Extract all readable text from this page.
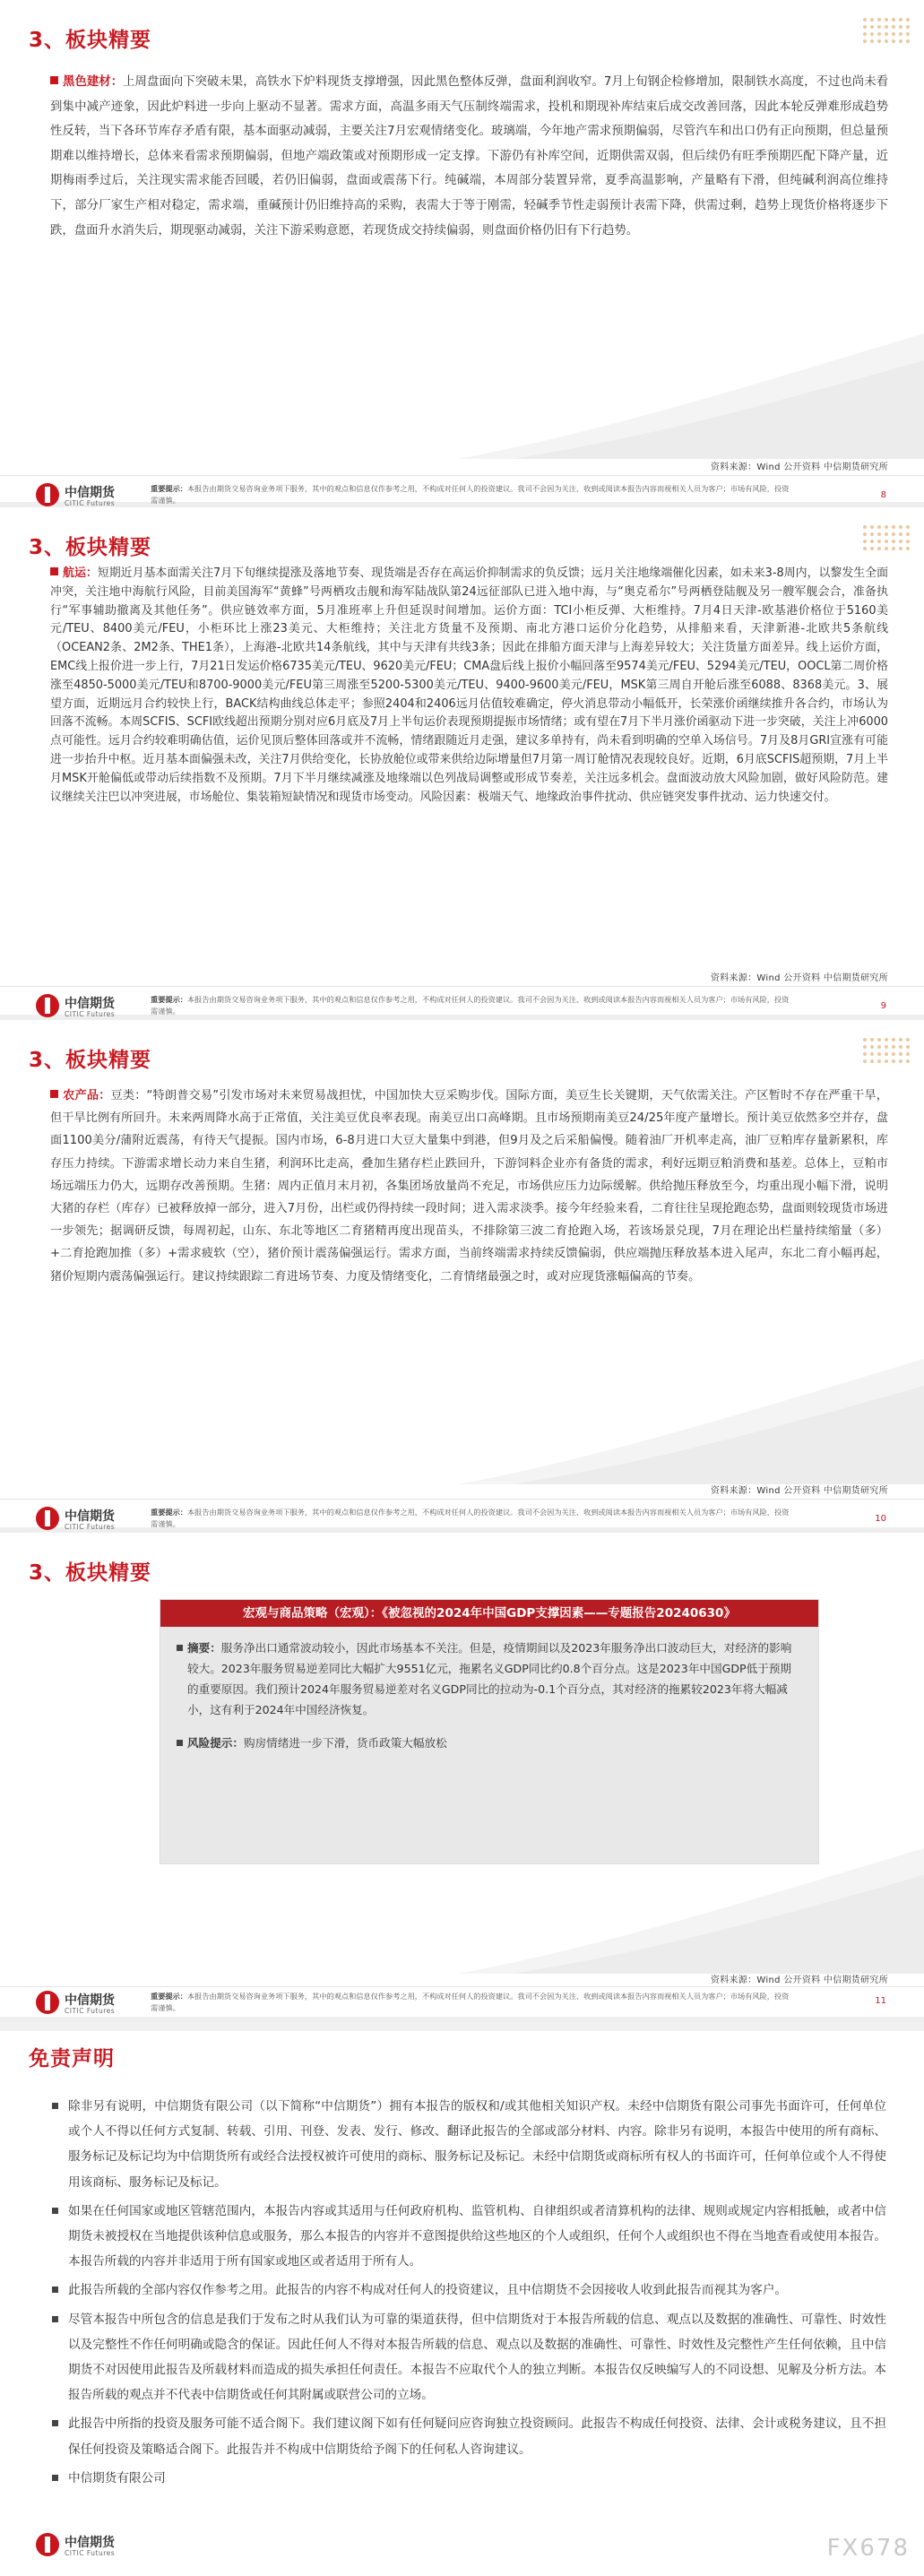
3、板块精要
黑色建材：上周盘面向下突破未果，高铁水下炉料现货支撑增强，因此黑色整体反弹，盘面利润收窄。7月上旬钢企检修增加，限制铁水高度，不过也尚未看到集中减产迹象，因此炉料进一步向上驱动不显著。需求方面，高温多雨天气压制终端需求，投机和期现补库结束后成交改善回落，因此本轮反弹难形成趋势性反转，当下各环节库存矛盾有限，基本面驱动减弱，主要关注7月宏观情绪变化。玻璃端，今年地产需求预期偏弱，尽管汽车和出口仍有正向预期，但总量预期难以维持增长，总体来看需求预期偏弱，但地产端政策或对预期形成一定支撑。下游仍有补库空间，近期供需双弱，但后续仍有旺季预期匹配下降产量，近期梅雨季过后，关注现实需求能否回暖，若仍旧偏弱，盘面或震荡下行。纯碱端，本周部分装置异常，夏季高温影响，产量略有下滑，但纯碱利润高位维持下，部分厂家生产相对稳定，需求端，重碱预计仍旧维持高的采购，表需大于等于刚需，轻碱季节性走弱预计表需下降，供需过剩，趋势上现货价格将逐步下跌，盘面升水消失后，期现驱动减弱，关注下游采购意愿，若现货成交持续偏弱，则盘面价格仍旧有下行趋势。
资料来源：Wind 公开资料 中信期货研究所
中信期货
CITIC Futures
重要提示：本报告由期货交易咨询业务项下服务，其中的观点和信息仅作参考之用，不构成对任何人的投资建议。我司不会因为关注、收到或阅读本报告内容而视相关人员为客户；市场有风险，投资需谨慎。	8
3、板块精要
航运：短期近月基本面需关注7月下旬继续提涨及落地节奏、现货端是否存在高运价抑制需求的负反馈；远月关注地缘端催化因素，如未来3-8周内，以黎发生全面冲突，关注地中海航行风险，目前美国海军“黄蜂”号两栖攻击舰和海军陆战队第24远征部队已进入地中海，与“奥克希尔”号两栖登陆舰及另一艘军舰会合，准备执行“军事辅助撤离及其他任务”。供应链效率方面，5月准班率上升但延误时间增加。运价方面：TCI小柜反弹、大柜维持。7月4日天津-欧基港价格位于5160美元/TEU、8400美元/FEU，小柜环比上涨23美元、大柜维持；关注北方货量不及预期、南北方港口运价分化趋势，从排船来看，天津新港-北欧共5条航线（OCEAN2条、2M2条、THE1条），上海港-北欧共14条航线，其中与天津有共线3条；因此在排船方面天津与上海差异较大；关注货量方面差异。线上运价方面，EMC线上报价进一步上行，7月21日发运价格6735美元/TEU、9620美元/FEU；CMA盘后线上报价小幅回落至9574美元/FEU、5294美元/TEU，OOCL第二周价格涨至4850-5000美元/TEU和8700-9000美元/FEU第三周涨至5200-5300美元/TEU、9400-9600美元/FEU，MSK第三周自开舱后涨至6088、8368美元。3、展望方面，近期远月合约较快上行，BACK结构曲线总体走平；参照2404和2406远月估值较难确定，停火消息带动小幅低开，长荣涨价函继续推升各合约，市场认为回落不流畅。本周SCFIS、SCFI欧线超出预期分别对应6月底及7月上半旬运价表现预期提振市场情绪；或有望在7月下半月涨价函驱动下进一步突破，关注上冲6000点可能性。远月合约较难明确估值，运价见顶后整体回落或并不流畅，情绪跟随近月走强，建议多单持有，尚未看到明确的空单入场信号。7月及8月GRI宣涨有可能进一步抬升中枢。近月基本面偏强未改，关注7月供给变化，长协放舱位或带来供给边际增量但7月第一周订舱情况表现较良好。近期，6月底SCFIS超预期，7月上半月MSK开舱偏低或带动后续指数不及预期。7月下半月继续减涨及地缘端以色列战局调整或形成节奏差，关注远多机会。盘面波动放大风险加剧，做好风险防范。建议继续关注巴以冲突进展，市场舱位、集装箱短缺情况和现货市场变动。风险因素：极端天气、地缘政治事件扰动、供应链突发事件扰动、运力快速交付。
资料来源：Wind 公开资料 中信期货研究所
中信期货
CITIC Futures
重要提示：本报告由期货交易咨询业务项下服务，其中的观点和信息仅作参考之用，不构成对任何人的投资建议。我司不会因为关注、收到或阅读本报告内容而视相关人员为客户；市场有风险，投资需谨慎。	9
3、板块精要
农产品：豆类：“特朗普交易”引发市场对未来贸易战担忧，中国加快大豆采购步伐。国际方面，美豆生长关键期，天气依需关注。产区暂时不存在严重干旱，但干旱比例有所回升。未来两周降水高于正常值，关注美豆优良率表现。南美豆出口高峰期。且市场预期南美豆24/25年度产量增长。预计美豆依然多空并存，盘面1100美分/蒲附近震荡，有待天气提振。国内市场，6-8月进口大豆大量集中到港，但9月及之后采船偏慢。随着油厂开机率走高，油厂豆粕库存量新累积，库存压力持续。下游需求增长动力来自生猪，利润环比走高，叠加生猪存栏止跌回升，下游饲料企业亦有备货的需求，利好远期豆粕消费和基差。总体上，豆粕市场远端压力仍大，远期存改善预期。生猪：周内正值月末月初，各集团场放量尚不充足，市场供应压力边际缓解。供给抛压释放至今，均重出现小幅下滑，说明大猪的存栏（库存）已被释放掉一部分，进入7月份，出栏或仍得持续一段时间；进入需求淡季。接今年经验来看，二育往往呈现抢跑态势，盘面则较现货市场进一步领先；据调研反馈，每周初起，山东、东北等地区二育猪精再度出现苗头，不排除第三波二育抢跑入场，若该场景兑现，7月在理论出栏量持续缩量（多）+二育抢跑加推（多）+需求疲软（空），猪价预计震荡偏强运行。需求方面，当前终端需求持续反馈偏弱，供应端抛压释放基本进入尾声，东北二育小幅再起，猪价短期内震荡偏强运行。建议持续跟踪二育进场节奏、力度及情绪变化，二育情绪最强之时，或对应现货涨幅偏高的节奏。
资料来源：Wind 公开资料 中信期货研究所
中信期货
CITIC Futures
重要提示：本报告由期货交易咨询业务项下服务，其中的观点和信息仅作参考之用，不构成对任何人的投资建议。我司不会因为关注、收到或阅读本报告内容而视相关人员为客户；市场有风险，投资需谨慎。	10
3、板块精要
宏观与商品策略（宏观）：《被忽视的2024年中国GDP支撑因素——专题报告20240630》
摘要：服务净出口通常波动较小，因此市场基本不关注。但是，疫情期间以及2023年服务净出口波动巨大，对经济的影响较大。2023年服务贸易逆差同比大幅扩大9551亿元，拖累名义GDP同比约0.8个百分点。这是2023年中国GDP低于预期的重要原因。我们预计2024年服务贸易逆差对名义GDP同比的拉动为-0.1个百分点，其对经济的拖累较2023年将大幅减小，这有利于2024年中国经济恢复。
风险提示：购房情绪进一步下滑，货币政策大幅放松
资料来源：Wind 公开资料 中信期货研究所
中信期货
CITIC Futures
重要提示：本报告由期货交易咨询业务项下服务，其中的观点和信息仅作参考之用，不构成对任何人的投资建议。我司不会因为关注、收到或阅读本报告内容而视相关人员为客户；市场有风险，投资需谨慎。
11
免责声明
除非另有说明，中信期货有限公司（以下简称“中信期货”）拥有本报告的版权和/或其他相关知识产权。未经中信期货有限公司事先书面许可，任何单位或个人不得以任何方式复制、转载、引用、刊登、发表、发行、修改、翻译此报告的全部或部分材料、内容。除非另有说明，本报告中使用的所有商标、服务标记及标记均为中信期货所有或经合法授权被许可使用的商标、服务标记及标记。未经中信期货或商标所有权人的书面许可，任何单位或个人不得使用该商标、服务标记及标记。
如果在任何国家或地区管辖范围内，本报告内容或其适用与任何政府机构、监管机构、自律组织或者清算机构的法律、规则或规定内容相抵触，或者中信期货未被授权在当地提供该种信息或服务，那么本报告的内容并不意图提供给这些地区的个人或组织，任何个人或组织也不得在当地查看或使用本报告。本报告所载的内容并非适用于所有国家或地区或者适用于所有人。
此报告所载的全部内容仅作参考之用。此报告的内容不构成对任何人的投资建议，且中信期货不会因接收人收到此报告而视其为客户。
尽管本报告中所包含的信息是我们于发布之时从我们认为可靠的渠道获得，但中信期货对于本报告所载的信息、观点以及数据的准确性、可靠性、时效性以及完整性不作任何明确或隐含的保证。因此任何人不得对本报告所载的信息、观点以及数据的准确性、可靠性、时效性及完整性产生任何依赖，且中信期货不对因使用此报告及所载材料而造成的损失承担任何责任。本报告不应取代个人的独立判断。本报告仅反映编写人的不同设想、见解及分析方法。本报告所载的观点并不代表中信期货或任何其附属或联营公司的立场。
此报告中所指的投资及服务可能不适合阁下。我们建议阁下如有任何疑问应咨询独立投资顾问。此报告不构成任何投资、法律、会计或税务建议，且不担保任何投资及策略适合阁下。此报告并不构成中信期货给予阁下的任何私人咨询建议。
中信期货有限公司
中信期货
CITIC Futures	FX678
